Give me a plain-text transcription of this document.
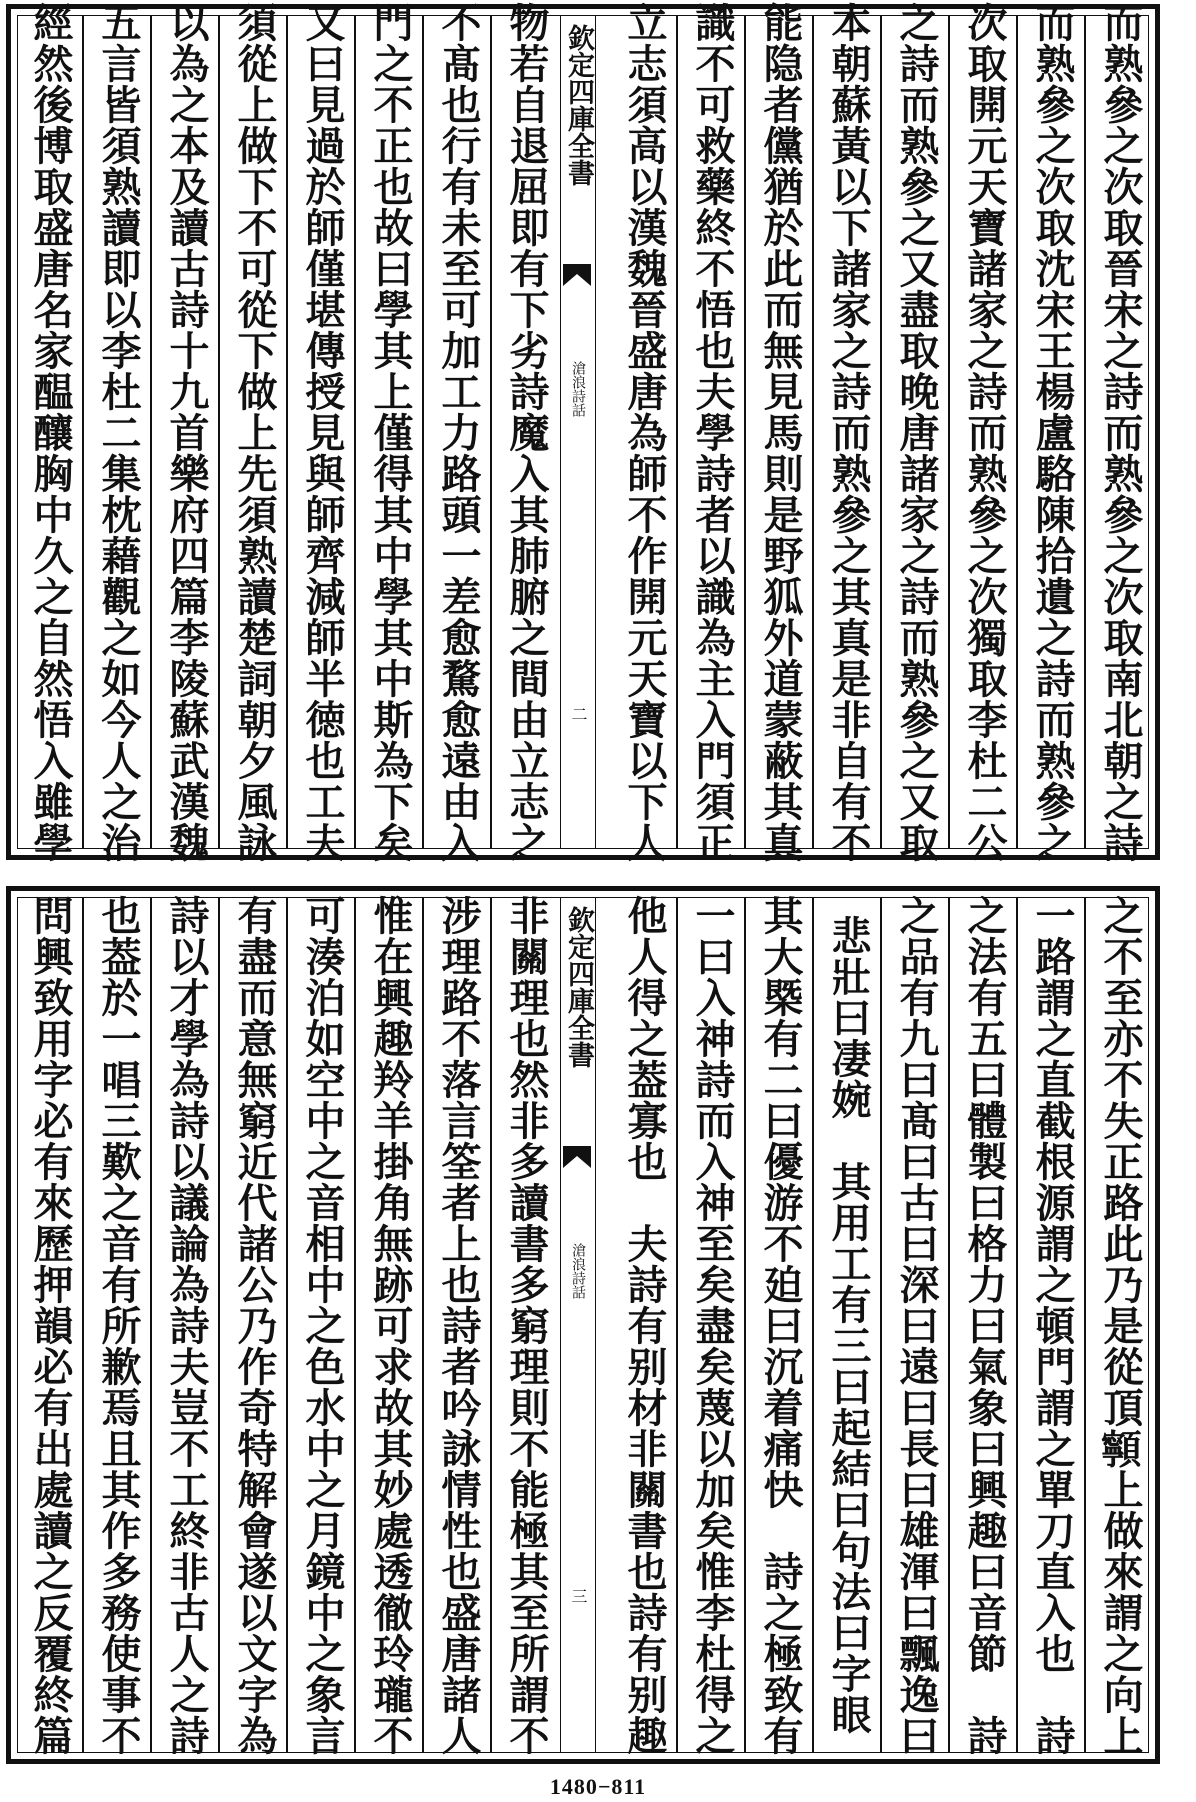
欽定四庫全書
滄浪詩話
二	而熟參之次取晉宋之詩而熟參之次取南北朝之詩
而熟參之次取沈宋王楊盧駱陳拾遺之詩而熟參之
次取開元天寶諸家之詩而熟參之次獨取李杜二公
之詩而熟參之又盡取晚唐諸家之詩而熟參之又取
本朝蘇黃以下諸家之詩而熟參之其真是非自有不
能隐者儻猶於此而無見馬則是野狐外道蒙蔽其真
識不可救藥終不悟也夫學詩者以識為主入門須正
立志須高以漢魏晉盛唐為師不作開元天寶以下人
物若自退屈即有下劣詩魔入其肺腑之間由立志之
不髙也行有未至可加工力路頭一差愈騖愈遠由入
門之不正也故曰學其上僅得其中學其中斯為下矣
又曰見過於師僅堪傳授見與師齊減師半徳也工夫
須從上做下不可從下做上先須熟讀楚詞朝夕風詠
以為之本及讀古詩十九首樂府四篇李陵蘇武漢魏
五言皆須熟讀即以李杜二集枕藉觀之如今人之治
經然後博取盛唐名家醖釀胸中久之自然悟入雖學
欽定四庫全書
滄浪詩話
三	之不至亦不失正路此乃是從頂𩕳上做來謂之向上
一路謂之直截根源謂之頓門謂之單刀直入也　詩
之法有五曰體製曰格力曰氣象曰興趣曰音節　詩
之品有九曰髙曰古曰深曰遠曰長曰雄渾曰飄逸曰
悲壯曰凄婉　其用工有三曰起結曰句法曰字眼
其大槩有二曰優游不廹曰沉着痛快　詩之極致有
一曰入神詩而入神至矣盡矣蔑以加矣惟李杜得之
他人得之葢寡也　夫詩有别材非關書也詩有别趣
非關理也然非多讀書多窮理則不能極其至所謂不
涉理路不落言筌者上也詩者吟詠情性也盛唐諸人
惟在興趣羚羊掛角無跡可求故其妙處透徹玲瓏不
可湊泊如空中之音相中之色水中之月鏡中之象言
有盡而意無窮近代諸公乃作奇特解會遂以文字為
詩以才學為詩以議論為詩夫豈不工終非古人之詩
也葢於一唱三歎之音有所歉焉且其作多務使事不
問興致用字必有來歷押韻必有出處讀之反覆終篇
1480−811
